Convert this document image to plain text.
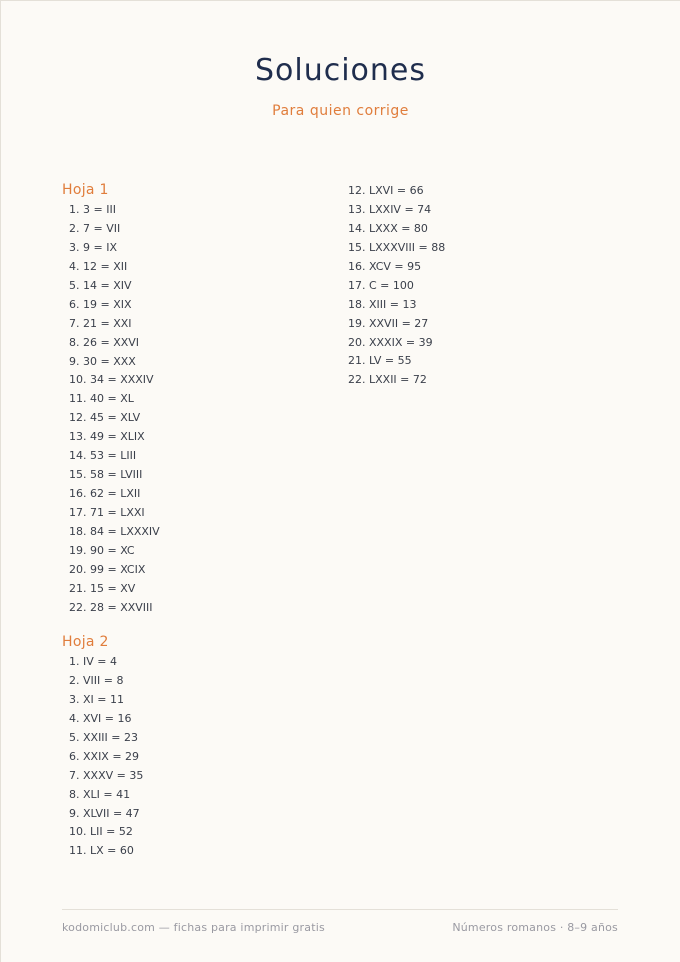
Soluciones
Para quien corrige
Hoja 1
1. 3 = III
2. 7 = VII
3. 9 = IX
4. 12 = XII
5. 14 = XIV
6. 19 = XIX
7. 21 = XXI
8. 26 = XXVI
9. 30 = XXX
10. 34 = XXXIV
11. 40 = XL
12. 45 = XLV
13. 49 = XLIX
14. 53 = LIII
15. 58 = LVIII
16. 62 = LXII
17. 71 = LXXI
18. 84 = LXXXIV
19. 90 = XC
20. 99 = XCIX
21. 15 = XV
22. 28 = XXVIII
Hoja 2
1. IV = 4
2. VIII = 8
3. XI = 11
4. XVI = 16
5. XXIII = 23
6. XXIX = 29
7. XXXV = 35
8. XLI = 41
9. XLVII = 47
10. LII = 52
11. LX = 60
12. LXVI = 66
13. LXXIV = 74
14. LXXX = 80
15. LXXXVIII = 88
16. XCV = 95
17. C = 100
18. XIII = 13
19. XXVII = 27
20. XXXIX = 39
21. LV = 55
22. LXXII = 72
kodomiclub.com — fichas para imprimir gratis	Números romanos · 8–9 años
